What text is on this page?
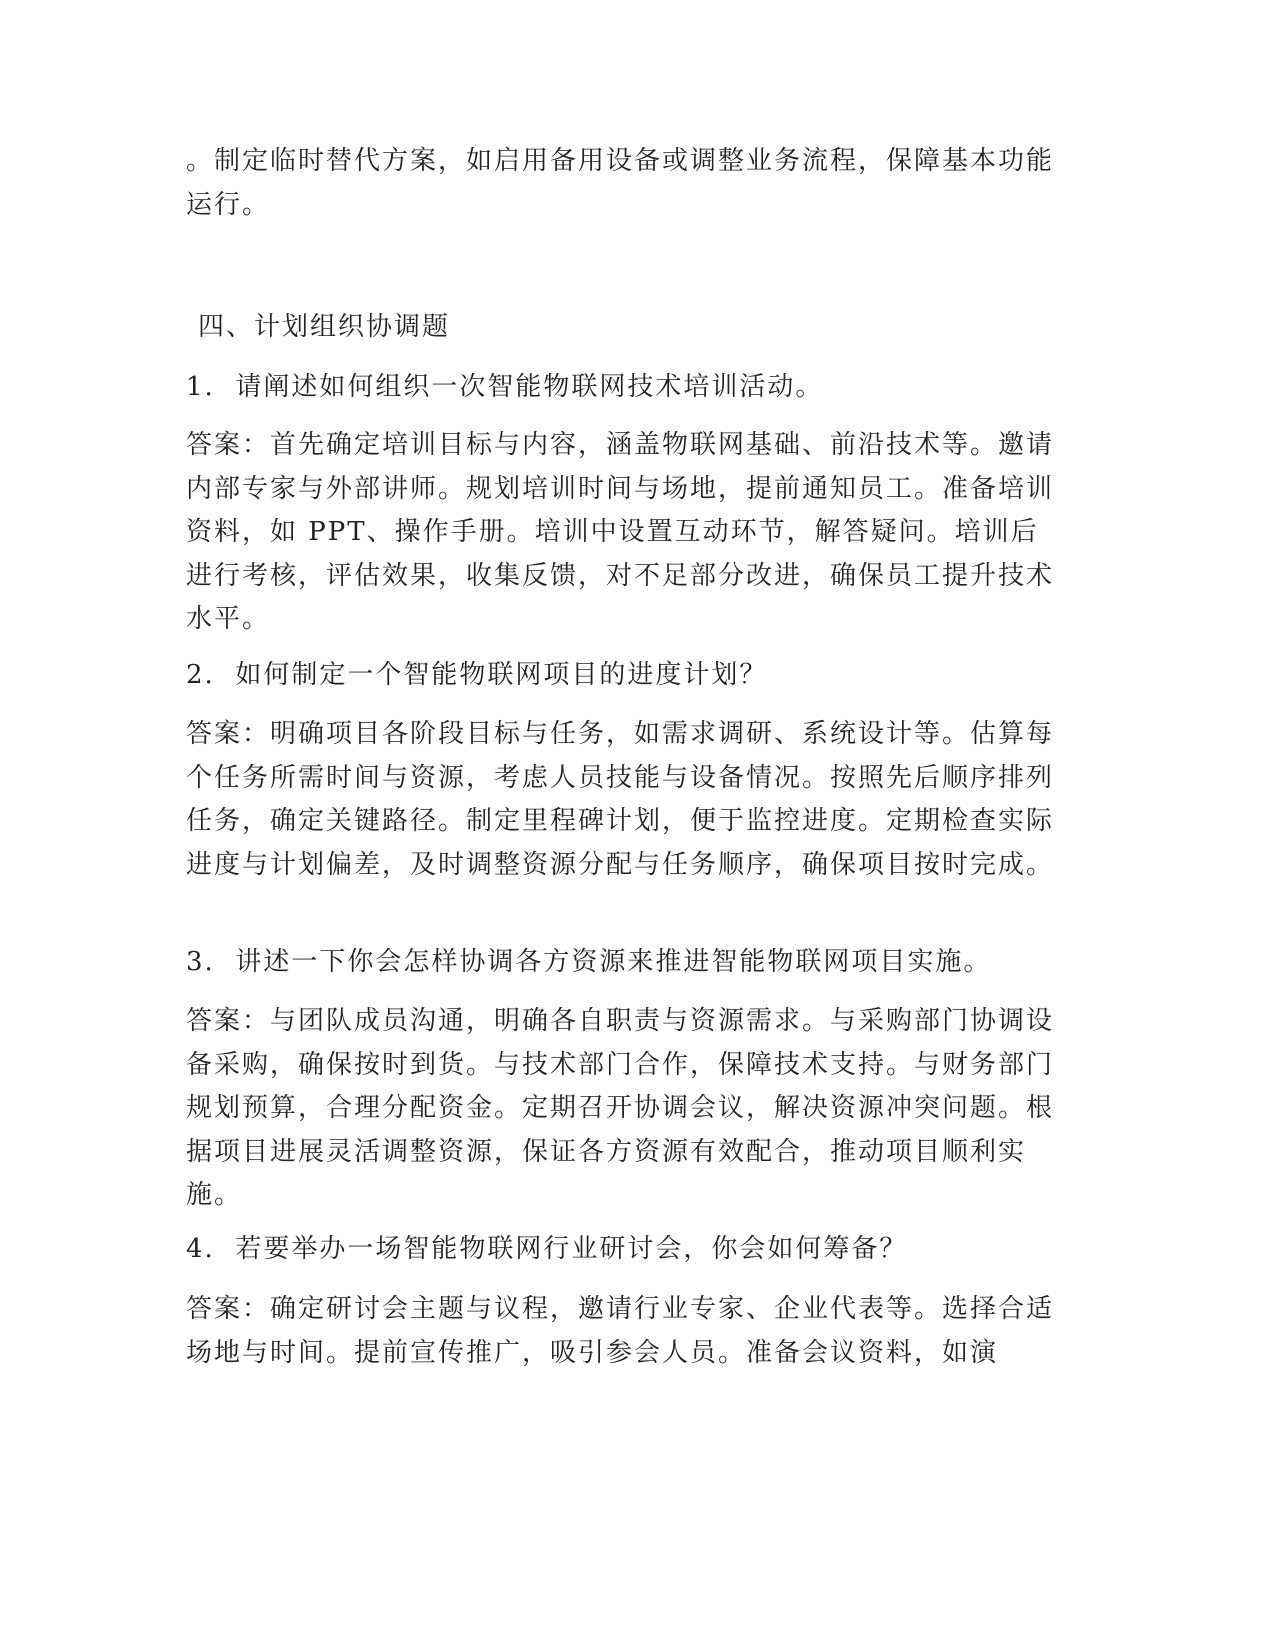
。制定临时替代方案，如启用备用设备或调整业务流程，保障基本功能运行。

四、计划组织协调题

1.  请阐述如何组织一次智能物联网技术培训活动。

答案：首先确定培训目标与内容，涵盖物联网基础、前沿技术等。邀请内部专家与外部讲师。规划培训时间与场地，提前通知员工。准备培训资料，如 PPT、操作手册。培训中设置互动环节，解答疑问。培训后进行考核，评估效果，收集反馈，对不足部分改进，确保员工提升技术水平。

2.  如何制定一个智能物联网项目的进度计划？

答案：明确项目各阶段目标与任务，如需求调研、系统设计等。估算每个任务所需时间与资源，考虑人员技能与设备情况。按照先后顺序排列任务，确定关键路径。制定里程碑计划，便于监控进度。定期检查实际进度与计划偏差，及时调整资源分配与任务顺序，确保项目按时完成。

3.  讲述一下你会怎样协调各方资源来推进智能物联网项目实施。

答案：与团队成员沟通，明确各自职责与资源需求。与采购部门协调设备采购，确保按时到货。与技术部门合作，保障技术支持。与财务部门规划预算，合理分配资金。定期召开协调会议，解决资源冲突问题。根据项目进展灵活调整资源，保证各方资源有效配合，推动项目顺利实施。

4.  若要举办一场智能物联网行业研讨会，你会如何筹备？

答案：确定研讨会主题与议程，邀请行业专家、企业代表等。选择合适场地与时间。提前宣传推广，吸引参会人员。准备会议资料，如演
